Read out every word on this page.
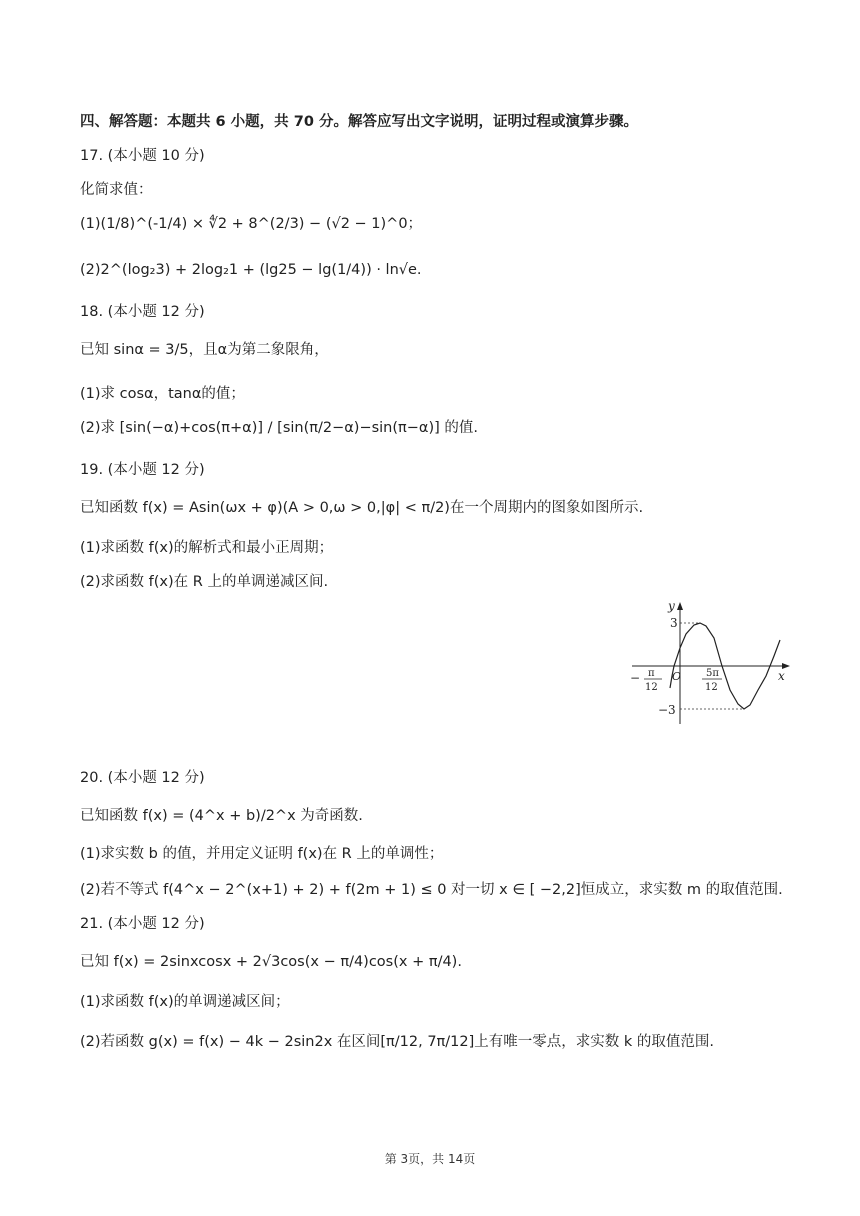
四、解答题：本题共 6 小题，共 70 分。解答应写出文字说明，证明过程或演算步骤。
17. (本小题 10 分)
化简求值：
(1)(1/8)^(-1/4) × ∜2 + 8^(2/3) − (√2 − 1)^0；
(2)2^(log₂3) + 2log₂1 + (lg25 − lg(1/4)) · ln√e.
18. (本小题 12 分)
已知 sinα = 3/5，且α为第二象限角，
(1)求 cosα，tanα的值；
(2)求 [sin(−α)+cos(π+α)] / [sin(π/2−α)−sin(π−α)] 的值.
19. (本小题 12 分)
已知函数 f(x) = Asin(ωx + φ)(A > 0,ω > 0,|φ| < π/2)在一个周期内的图象如图所示.
(1)求函数 f(x)的解析式和最小正周期；
(2)求函数 f(x)在 R 上的单调递减区间.
y
x
3
−3
O
− π
12
5π
12
20. (本小题 12 分)
已知函数 f(x) = (4^x + b)/2^x 为奇函数.
(1)求实数 b 的值，并用定义证明 f(x)在 R 上的单调性；
(2)若不等式 f(4^x − 2^(x+1) + 2) + f(2m + 1) ≤ 0 对一切 x ∈ [ −2,2]恒成立，求实数 m 的取值范围.
21. (本小题 12 分)
已知 f(x) = 2sinxcosx + 2√3cos(x − π/4)cos(x + π/4).
(1)求函数 f(x)的单调递减区间；
(2)若函数 g(x) = f(x) − 4k − 2sin2x 在区间[π/12, 7π/12]上有唯一零点，求实数 k 的取值范围.
第 3页，共 14页
